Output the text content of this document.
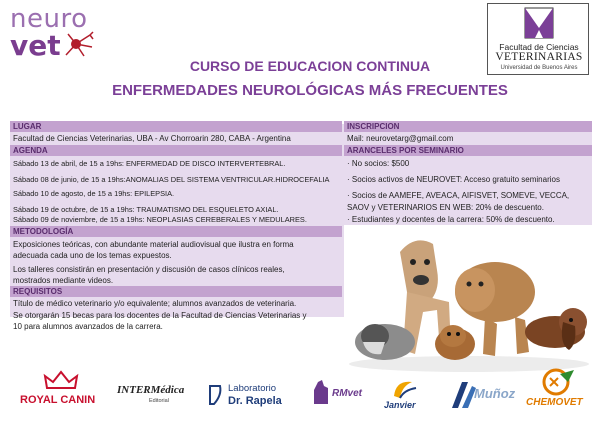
neuro
vet	Facultad de Ciencias
VETERINARIAS
Universidad de Buenos Aires
CURSO DE EDUCACION CONTINUA
ENFERMEDADES NEUROLÓGICAS MÁS FRECUENTES
LUGAR	INSCRIPCION
Facultad de Ciencias Veterinarias, UBA - Av Chorroarin 280, CABA - Argentina	Mail: neurovetarg@gmail.com
AGENDA	ARANCELES POR SEMINARIO
Sábado 13 de abril, de 15 a 19hs: ENFERMEDAD DE DISCO INTERVERTEBRAL.
Sábado 08 de junio, de 15 a 19hs:ANOMALIAS DEL SISTEMA VENTRICULAR.HIDROCEFALIA
Sábado 10 de agosto, de 15 a 19hs: EPILEPSIA.
Sábado 19 de octubre, de 15 a 19hs: TRAUMATISMO DEL ESQUELETO AXIAL.
Sábado 09 de noviembre, de 15 a 19hs: NEOPLASIAS CEREBERALES Y MEDULARES.
· No socios: $500
· Socios activos de NEUROVET: Acceso gratuito seminarios
· Socios de AAMEFE, AVEACA, AIFISVET, SOMEVE, VECCA,
SAOV y VETERINARIOS EN WEB: 20% de descuento.
· Estudiantes y docentes de la carrera: 50% de descuento.
METODOLOGÍA
Exposiciones teóricas, con abundante material audiovisual que ilustra en forma
adecuada cada uno de los temas expuestos.
Los talleres consistirán en presentación y discusión de casos clínicos reales,
mostrados mediante videos.
REQUISITOS
Título de médico veterinario y/o equivalente; alumnos avanzados de veterinaria.
Se otorgarán 15 becas para los docentes de la Facultad de Ciencias Veterinarias y
10 para alumnos avanzados de la carrera.
ROYAL CANIN
INTERMédica
Editorial
Laboratorio
Dr. Rapela
RMvet
Janvier
Muñoz
CHEMOVET
